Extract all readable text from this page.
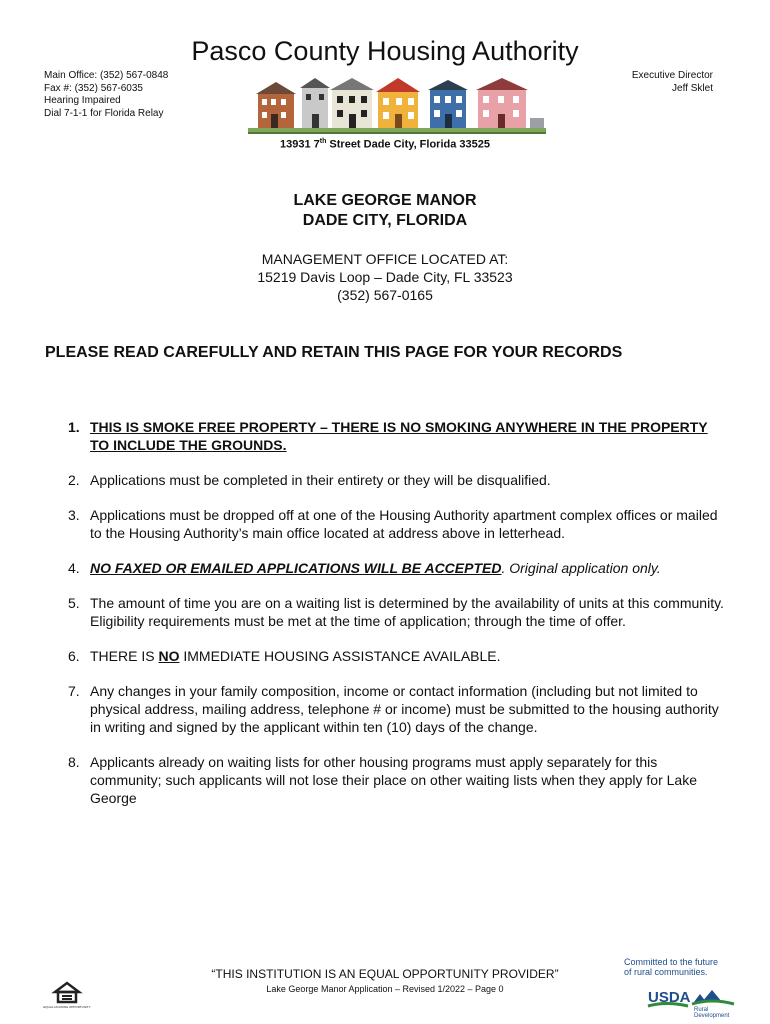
Pasco County Housing Authority
Main Office: (352) 567-0848
Fax #: (352) 567-6035
Hearing Impaired
Dial 7-1-1 for Florida Relay
Executive Director
Jeff Sklet
13931 7th Street Dade City, Florida 33525
LAKE GEORGE MANOR
DADE CITY, FLORIDA
MANAGEMENT OFFICE LOCATED AT:
15219 Davis Loop – Dade City, FL 33523
(352) 567-0165
PLEASE READ CAREFULLY AND RETAIN THIS PAGE FOR YOUR RECORDS
1. THIS IS SMOKE FREE PROPERTY – THERE IS NO SMOKING ANYWHERE IN THE PROPERTY TO INCLUDE THE GROUNDS.
2. Applications must be completed in their entirety or they will be disqualified.
3. Applications must be dropped off at one of the Housing Authority apartment complex offices or mailed to the Housing Authority’s main office located at address above in letterhead.
4. NO FAXED OR EMAILED APPLICATIONS WILL BE ACCEPTED. Original application only.
5. The amount of time you are on a waiting list is determined by the availability of units at this community. Eligibility requirements must be met at the time of application; through the time of offer.
6. THERE IS NO IMMEDIATE HOUSING ASSISTANCE AVAILABLE.
7. Any changes in your family composition, income or contact information (including but not limited to physical address, mailing address, telephone # or income) must be submitted to the housing authority in writing and signed by the applicant within ten (10) days of the change.
8. Applicants already on waiting lists for other housing programs must apply separately for this community; such applicants will not lose their place on other waiting lists when they apply for Lake George
EQUAL HOUSING OPPORTUNITY
“THIS INSTITUTION IS AN EQUAL OPPORTUNITY PROVIDER”
Lake George Manor Application – Revised 1/2022 – Page 0
Committed to the future
of rural communities.
USDA
Rural
Development
